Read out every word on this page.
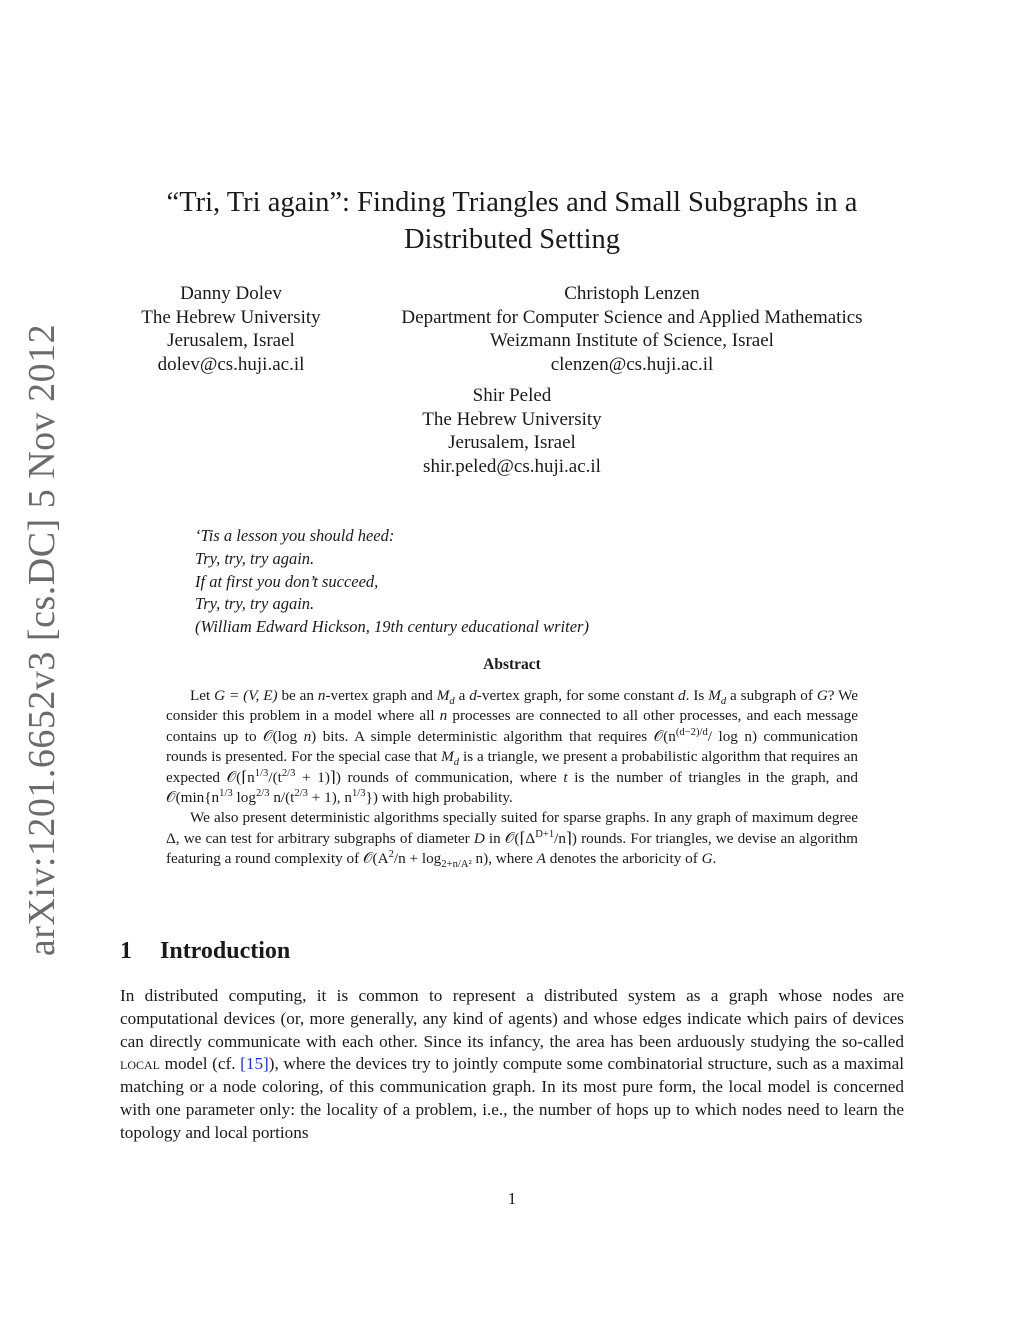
arXiv:1201.6652v3 [cs.DC] 5 Nov 2012
“Tri, Tri again”: Finding Triangles and Small Subgraphs in a Distributed Setting
Danny Dolev
The Hebrew University
Jerusalem, Israel
dolev@cs.huji.ac.il
Christoph Lenzen
Department for Computer Science and Applied Mathematics
Weizmann Institute of Science, Israel
clenzen@cs.huji.ac.il
Shir Peled
The Hebrew University
Jerusalem, Israel
shir.peled@cs.huji.ac.il
‘Tis a lesson you should heed:
Try, try, try again.
If at first you don’t succeed,
Try, try, try again.
(William Edward Hickson, 19th century educational writer)
Abstract

Let G = (V, E) be an n-vertex graph and $M_d$ a d-vertex graph, for some constant d. Is $M_d$ a subgraph of G? We consider this problem in a model where all n processes are connected to all other processes, and each message contains up to 𝒪(log n) bits. A simple deterministic algorithm that requires $𝒪(n^{(d-2)/d}/$ log n) communication rounds is presented. For the special case that $M_d$ is a triangle, we present a probabilistic algorithm that requires an expected $𝒪(⌈n^{1/3}/(t^{2/3}$ + 1)⌉) rounds of communication, where t is the number of triangles in the graph, and $𝒪(\min\{n^{1/3}$ $\log^{2/3} n/(t^{2/3} + 1)$, $n^{1/3}$}) with high probability.

We also present deterministic algorithms specially suited for sparse graphs. In any graph of maximum degree Δ, we can test for arbitrary subgraphs of diameter D in $𝒪(⌈\Delta^{D+1}/n⌉)$ rounds. For triangles, we devise an algorithm featuring a round complexity of $𝒪(A^2/n + \log_{2+n/A^2} n)$, where A denotes the arboricity of G.

1 Introduction

In distributed computing, it is common to represent a distributed system as a graph whose nodes are computational devices (or, more generally, any kind of agents) and whose edges indicate which pairs of devices can directly communicate with each other. Since its infancy, the area has been arduously studying the so-called local model (cf. [15]), where the devices try to jointly compute some combinatorial structure, such as a maximal matching or a node coloring, of this communication graph. In its most pure form, the local model is concerned with one parameter only: the locality of a problem, i.e., the number of hops up to which nodes need to learn the topology and local portions

1
